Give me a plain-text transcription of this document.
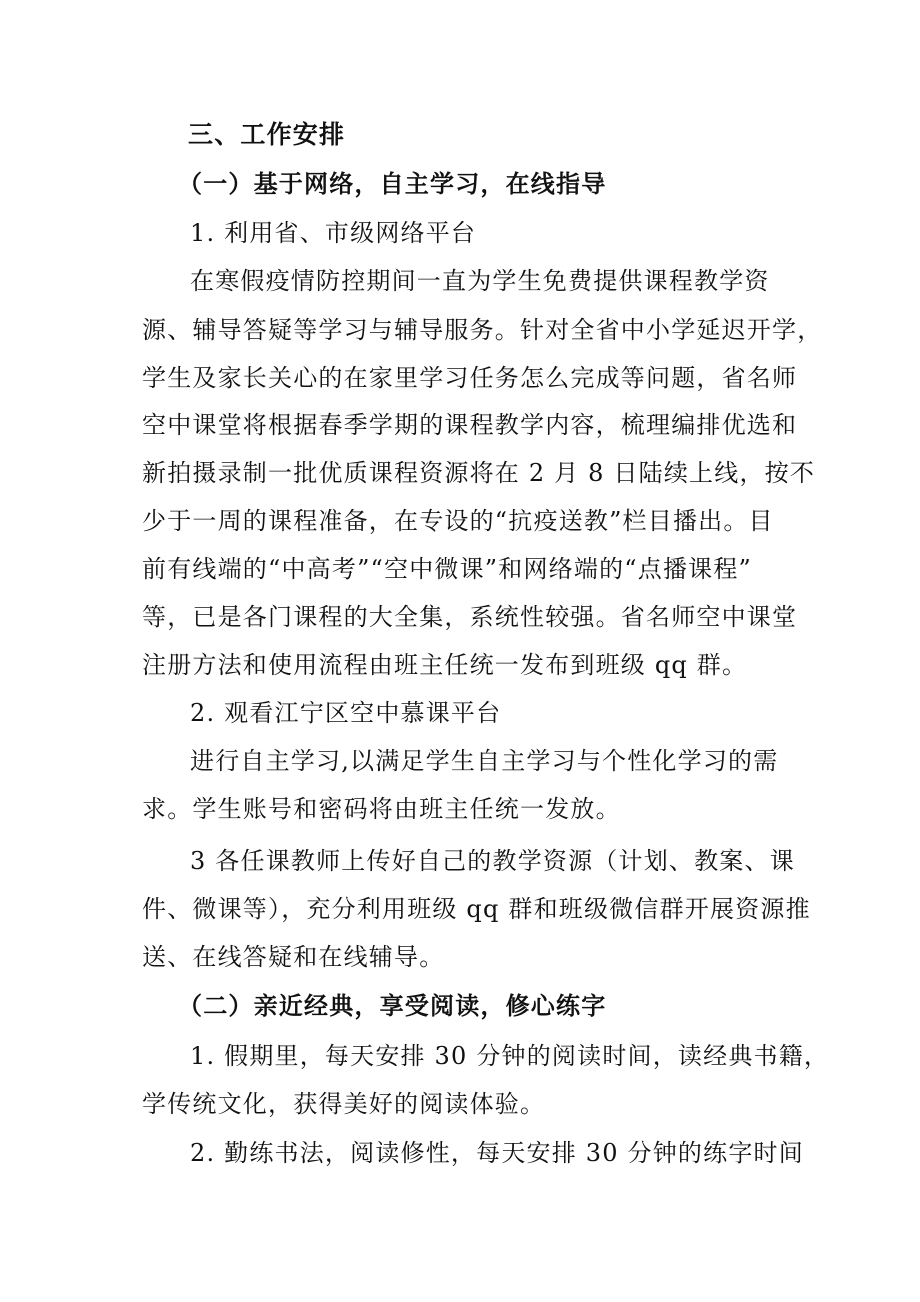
三、工作安排

（一）基于网络，自主学习，在线指导

1. 利用省、市级网络平台

在寒假疫情防控期间一直为学生免费提供课程教学资

源、辅导答疑等学习与辅导服务。针对全省中小学延迟开学，

学生及家长关心的在家里学习任务怎么完成等问题，省名师

空中课堂将根据春季学期的课程教学内容，梳理编排优选和

新拍摄录制一批优质课程资源将在 2 月 8 日陆续上线，按不

少于一周的课程准备，在专设的“抗疫送教”栏目播出。目

前有线端的“中高考”“空中微课”和网络端的“点播课程”

等，已是各门课程的大全集，系统性较强。省名师空中课堂

注册方法和使用流程由班主任统一发布到班级 qq 群。

2. 观看江宁区空中慕课平台

进行自主学习,以满足学生自主学习与个性化学习的需

求。学生账号和密码将由班主任统一发放。

3 各任课教师上传好自己的教学资源（计划、教案、课

件、微课等），充分利用班级 qq 群和班级微信群开展资源推

送、在线答疑和在线辅导。

（二）亲近经典，享受阅读，修心练字

1. 假期里，每天安排 30 分钟的阅读时间，读经典书籍，

学传统文化，获得美好的阅读体验。

2. 勤练书法，阅读修性，每天安排 30 分钟的练字时间
